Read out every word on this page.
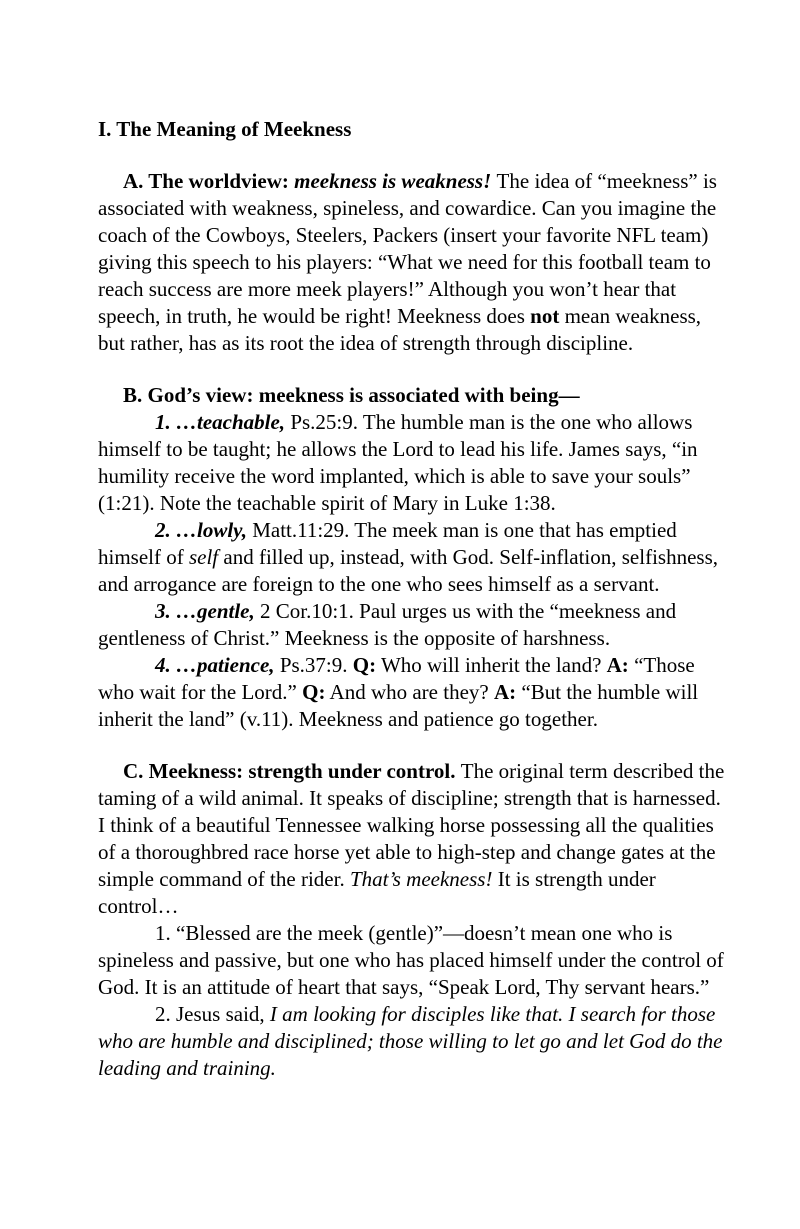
I. The Meaning of Meekness

A. The worldview: meekness is weakness! The idea of “meekness” is associated with weakness, spineless, and cowardice. Can you imagine the coach of the Cowboys, Steelers, Packers (insert your favorite NFL team) giving this speech to his players: “What we need for this football team to reach success are more meek players!” Although you won’t hear that speech, in truth, he would be right! Meekness does not mean weakness, but rather, has as its root the idea of strength through discipline.

B. God’s view: meekness is associated with being—

1. …teachable, Ps.25:9. The humble man is the one who allows himself to be taught; he allows the Lord to lead his life. James says, “in humility receive the word implanted, which is able to save your souls” (1:21). Note the teachable spirit of Mary in Luke 1:38.

2. …lowly, Matt.11:29. The meek man is one that has emptied himself of self and filled up, instead, with God. Self-inflation, selfishness, and arrogance are foreign to the one who sees himself as a servant.

3. …gentle, 2 Cor.10:1. Paul urges us with the “meekness and gentleness of Christ.” Meekness is the opposite of harshness.

4. …patience, Ps.37:9. Q: Who will inherit the land? A: “Those who wait for the Lord.” Q: And who are they? A: “But the humble will inherit the land” (v.11). Meekness and patience go together.

C. Meekness: strength under control. The original term described the taming of a wild animal. It speaks of discipline; strength that is harnessed. I think of a beautiful Tennessee walking horse possessing all the qualities of a thoroughbred race horse yet able to high-step and change gates at the simple command of the rider. That’s meekness! It is strength under control…

1. “Blessed are the meek (gentle)”—doesn’t mean one who is spineless and passive, but one who has placed himself under the control of God. It is an attitude of heart that says, “Speak Lord, Thy servant hears.”

2. Jesus said, I am looking for disciples like that. I search for those who are humble and disciplined; those willing to let go and let God do the leading and training.
